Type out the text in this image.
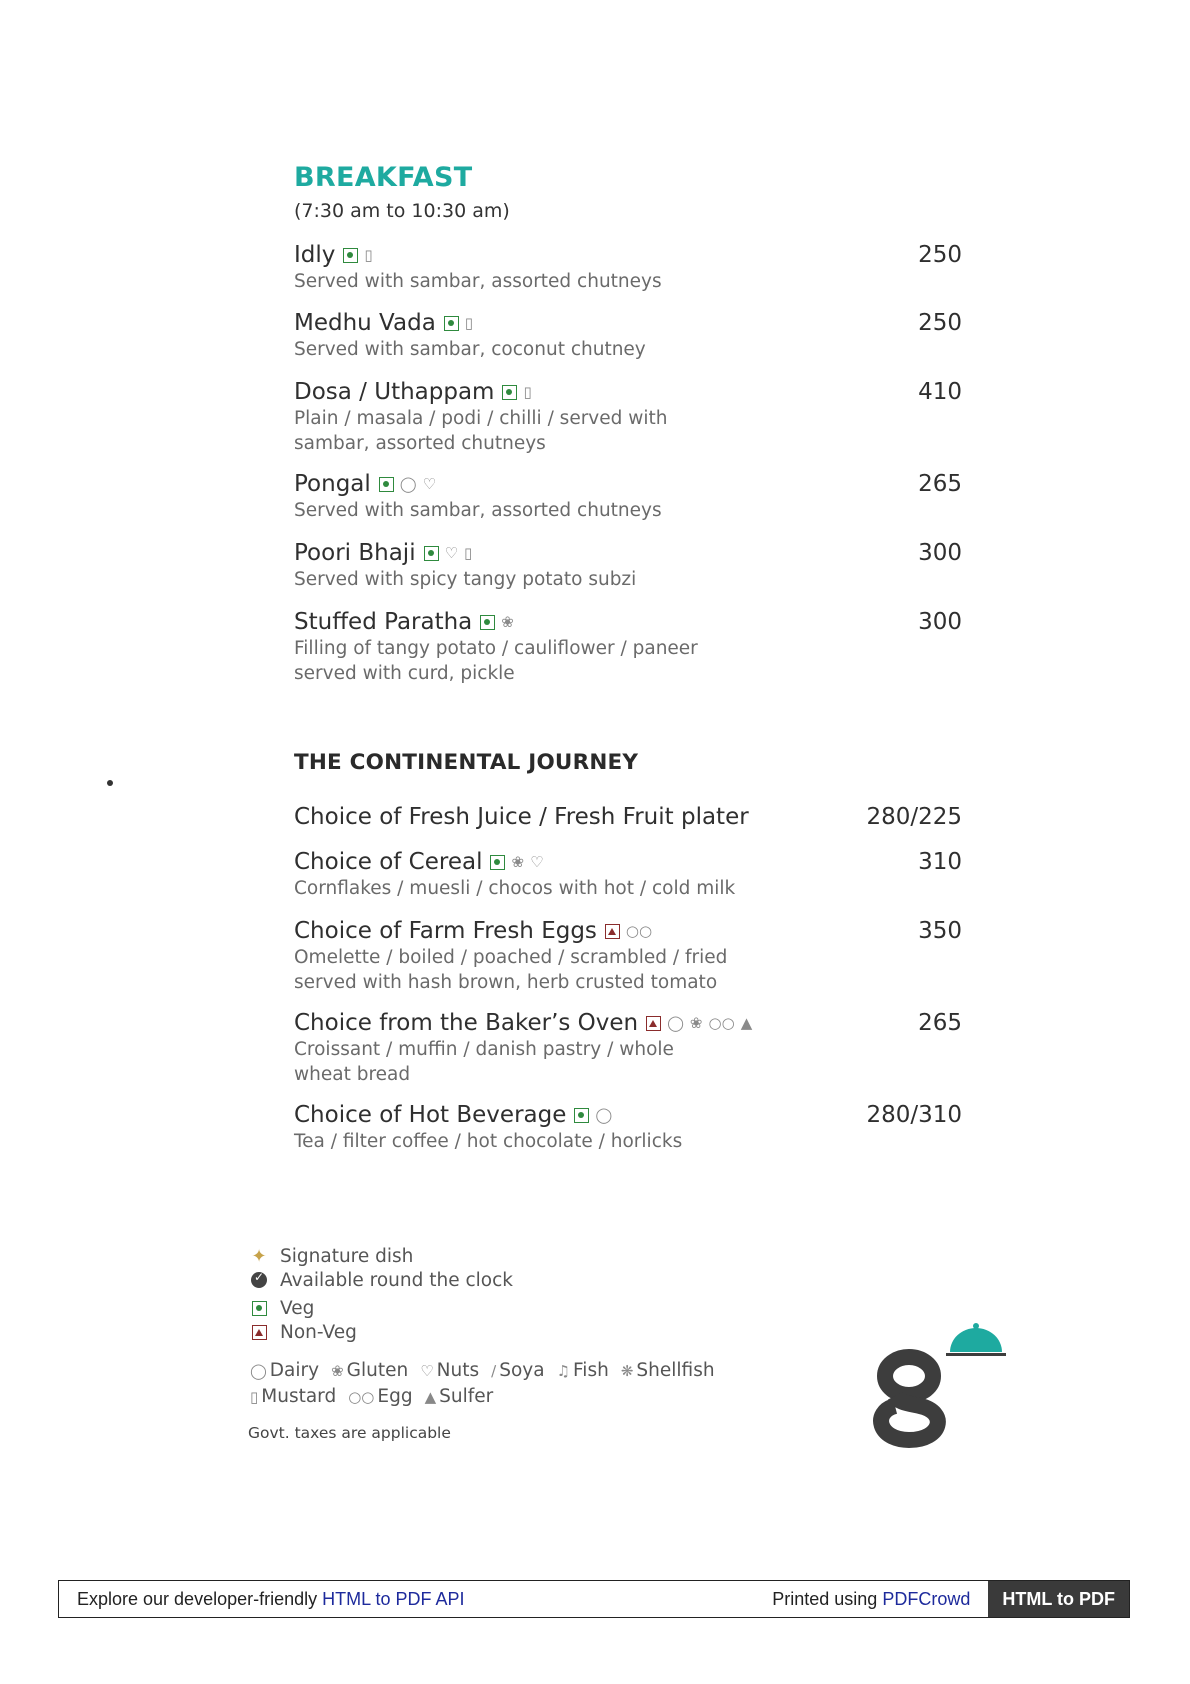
BREAKFAST
(7:30 am to 10:30 am)
Idly ▯	250
Served with sambar, assorted chutneys
Medhu Vada ▯	250
Served with sambar, coconut chutney
Dosa / Uthappam ▯	410
Plain / masala / podi / chilli / served with sambar, assorted chutneys
Pongal ◯ ♡	265
Served with sambar, assorted chutneys
Poori Bhaji ♡ ▯	300
Served with spicy tangy potato subzi
Stuffed Paratha ❀	300
Filling of tangy potato / cauliflower / paneer served with curd, pickle
THE CONTINENTAL JOURNEY
Choice of Fresh Juice / Fresh Fruit plater	280/225
Choice of Cereal ❀ ♡	310
Cornflakes / muesli / chocos with hot / cold milk
Choice of Farm Fresh Eggs ○○	350
Omelette / boiled / poached / scrambled / fried served with hash brown, herb crusted tomato
Choice from the Baker’s Oven ◯ ❀ ○○ ▲	265
Croissant / muffin / danish pastry / whole wheat bread
Choice of Hot Beverage ◯	280/310
Tea / filter coffee / hot chocolate / horlicks
✦ Signature dish
✓
Available round the clock
Veg
Non-Veg
◯ Dairy ❀ Gluten ♡ Nuts ∕ Soya ♫ Fish ❋ Shellfish
▯ Mustard ○○ Egg ▲ Sulfer
Govt. taxes are applicable
Explore our developer-friendly HTML to PDF API	Printed using PDFCrowd	HTML to PDF
